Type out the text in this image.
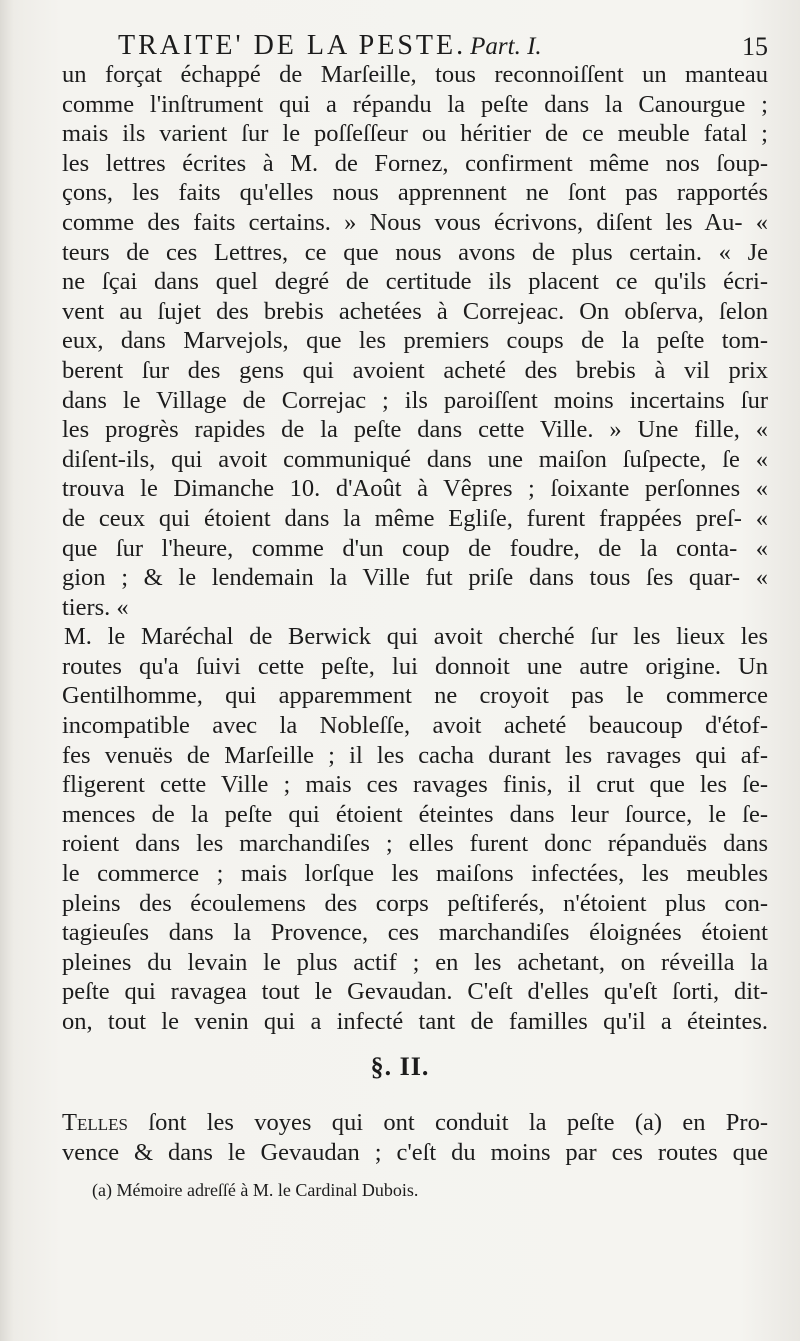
TRAITE' DE LA PESTE. Part. I.	15
un forçat échappé de Marſeille, tous reconnoiſſent un manteau
comme l'inſtrument qui a répandu la peſte dans la Canourgue ;
mais ils varient ſur le poſſeſſeur ou héritier de ce meuble fatal ;
les lettres écrites à M. de Fornez, confirment même nos ſoup-
çons, les faits qu'elles nous apprennent ne ſont pas rapportés
comme des faits certains. » Nous vous écrivons, diſent les Au- «
teurs de ces Lettres, ce que nous avons de plus certain. « Je
ne ſçai dans quel degré de certitude ils placent ce qu'ils écri-
vent au ſujet des brebis achetées à Correjeac. On obſerva, ſelon
eux, dans Marvejols, que les premiers coups de la peſte tom-
berent ſur des gens qui avoient acheté des brebis à vil prix
dans le Village de Correjac ; ils paroiſſent moins incertains ſur
les progrès rapides de la peſte dans cette Ville. » Une fille, «
diſent-ils, qui avoit communiqué dans une maiſon ſuſpecte, ſe «
trouva le Dimanche 10. d'Août à Vêpres ; ſoixante perſonnes «
de ceux qui étoient dans la même Egliſe, furent frappées preſ- «
que ſur l'heure, comme d'un coup de foudre, de la conta- «
gion ; & le lendemain la Ville fut priſe dans tous ſes quar- «
tiers. «
M. le Maréchal de Berwick qui avoit cherché ſur les lieux les
routes qu'a ſuivi cette peſte, lui donnoit une autre origine. Un
Gentilhomme, qui apparemment ne croyoit pas le commerce
incompatible avec la Nobleſſe, avoit acheté beaucoup d'étof-
fes venuës de Marſeille ; il les cacha durant les ravages qui af-
fligerent cette Ville ; mais ces ravages finis, il crut que les ſe-
mences de la peſte qui étoient éteintes dans leur ſource, le ſe-
roient dans les marchandiſes ; elles furent donc répanduës dans
le commerce ; mais lorſque les maiſons infectées, les meubles
pleins des écoulemens des corps peſtiferés, n'étoient plus con-
tagieuſes dans la Provence, ces marchandiſes éloignées étoient
pleines du levain le plus actif ; en les achetant, on réveilla la
peſte qui ravagea tout le Gevaudan. C'eſt d'elles qu'eſt ſorti, dit-
on, tout le venin qui a infecté tant de familles qu'il a éteintes.
§. II.
Telles ſont les voyes qui ont conduit la peſte (a) en Pro-
vence & dans le Gevaudan ; c'eſt du moins par ces routes que
(a) Mémoire adreſſé à M. le Cardinal Dubois.
